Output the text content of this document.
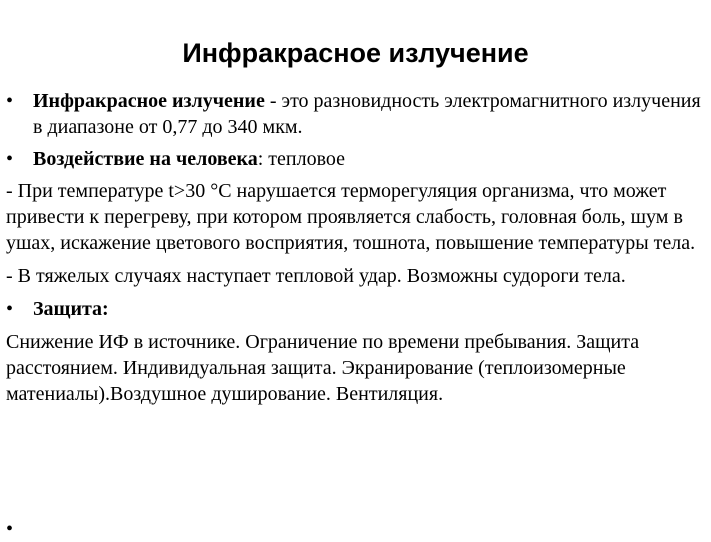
Инфракрасное излучение
• Инфракрасное излучение - это разновидность электромагнитного излучения в диапазоне от 0,77 до 340 мкм.
• Воздействие на человека: тепловое

- При температуре t>30 °С нарушается терморегуляция организма, что может привести к перегреву, при котором проявляется слабость, головная боль, шум в ушах, искажение цветового восприятия, тошнота, повышение температуры тела.

- В тяжелых случаях наступает тепловой удар. Возможны судороги тела.

• Защита:

Снижение ИФ в источнике. Ограничение по времени пребывания. Защита расстоянием. Индивидуальная защита. Экранирование (теплоизомерные матениалы).Воздушное душирование. Вентиляция.

•
